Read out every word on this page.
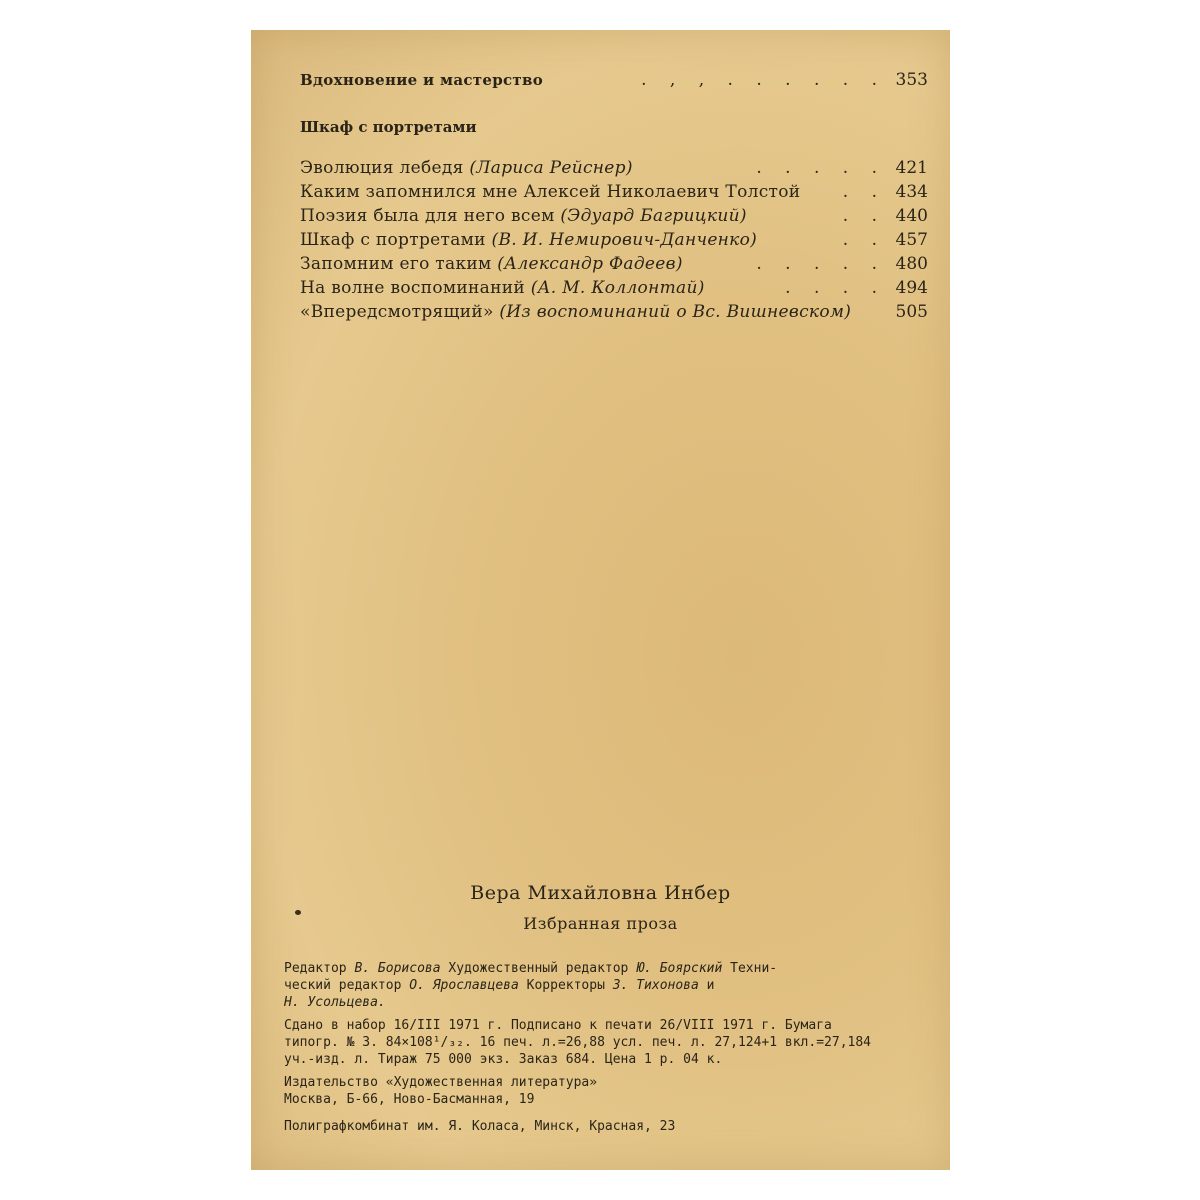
Вдохновение и мастерство	. , , . . . . . . 353
Шкаф с портретами
Эволюция лебедя (Лариса Рейснер)	. . . . . 421
Каким запомнился мне Алексей Николаевич Толстой	. . 434
Поэзия была для него всем (Эдуард Багрицкий)	. . 440
Шкаф с портретами (В. И. Немирович-Данченко)	. . 457
Запомним его таким (Александр Фадеев)	. . . . . 480
На волне воспоминаний (А. М. Коллонтай)	. . . . 494
«Впередсмотрящий» (Из воспоминаний о Вс. Вишневском)	505
Вера Михайловна Инбер
Избранная проза
Редактор В. Борисова Художественный редактор Ю. Боярский Техни-
ческий редактор О. Ярославцева Корректоры З. Тихонова и
Н. Усольцева.
Сдано в набор 16/III 1971 г. Подписано к печати 26/VIII 1971 г. Бумага
типогр. № 3. 84×108¹/₃₂. 16 печ. л.=26,88 усл. печ. л. 27,124+1 вкл.=27,184
уч.-изд. л. Тираж 75 000 экз. Заказ 684. Цена 1 р. 04 к.
Издательство «Художественная литература»
Москва, Б-66, Ново-Басманная, 19
Полиграфкомбинат им. Я. Коласа, Минск, Красная, 23
